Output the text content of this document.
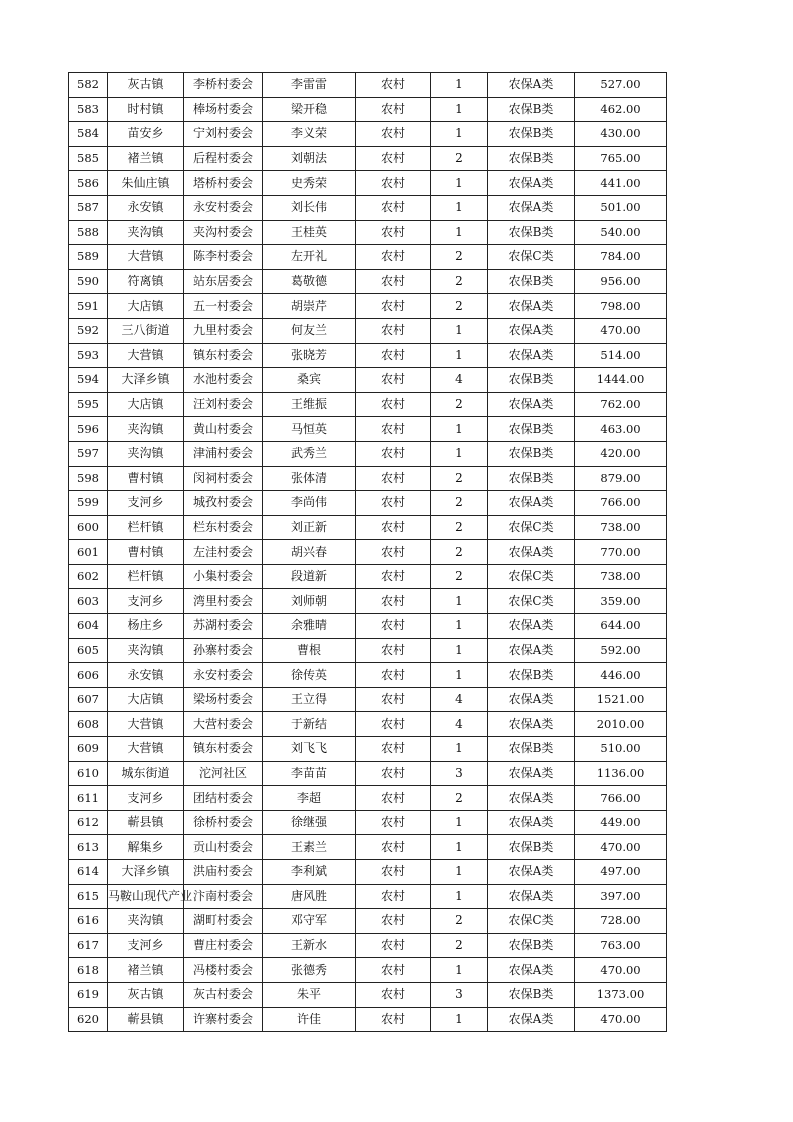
582	灰古镇	李桥村委会	李雷雷	农村	1	农保A类	527.00
583	时村镇	棒场村委会	梁开稳	农村	1	农保B类	462.00
584	苗安乡	宁刘村委会	李义荣	农村	1	农保B类	430.00
585	褚兰镇	后程村委会	刘朝法	农村	2	农保B类	765.00
586	朱仙庄镇	塔桥村委会	史秀荣	农村	1	农保A类	441.00
587	永安镇	永安村委会	刘长伟	农村	1	农保A类	501.00
588	夹沟镇	夹沟村委会	王桂英	农村	1	农保B类	540.00
589	大营镇	陈李村委会	左开礼	农村	2	农保C类	784.00
590	符离镇	站东居委会	葛敬德	农村	2	农保B类	956.00
591	大店镇	五一村委会	胡崇芹	农村	2	农保A类	798.00
592	三八街道	九里村委会	何友兰	农村	1	农保A类	470.00
593	大营镇	镇东村委会	张晓芳	农村	1	农保A类	514.00
594	大泽乡镇	水池村委会	桑宾	农村	4	农保B类	1444.00
595	大店镇	汪刘村委会	王维振	农村	2	农保A类	762.00
596	夹沟镇	黄山村委会	马恒英	农村	1	农保B类	463.00
597	夹沟镇	津浦村委会	武秀兰	农村	1	农保B类	420.00
598	曹村镇	闵祠村委会	张体清	农村	2	农保B类	879.00
599	支河乡	城孜村委会	李尚伟	农村	2	农保A类	766.00
600	栏杆镇	栏东村委会	刘正新	农村	2	农保C类	738.00
601	曹村镇	左洼村委会	胡兴春	农村	2	农保A类	770.00
602	栏杆镇	小集村委会	段道新	农村	2	农保C类	738.00
603	支河乡	湾里村委会	刘师朝	农村	1	农保C类	359.00
604	杨庄乡	苏湖村委会	余雅晴	农村	1	农保A类	644.00
605	夹沟镇	孙寨村委会	曹根	农村	1	农保A类	592.00
606	永安镇	永安村委会	徐传英	农村	1	农保B类	446.00
607	大店镇	梁场村委会	王立得	农村	4	农保A类	1521.00
608	大营镇	大营村委会	于新结	农村	4	农保A类	2010.00
609	大营镇	镇东村委会	刘飞飞	农村	1	农保B类	510.00
610	城东街道	沱河社区	李苗苗	农村	3	农保A类	1136.00
611	支河乡	团结村委会	李超	农村	2	农保A类	766.00
612	蕲县镇	徐桥村委会	徐继强	农村	1	农保A类	449.00
613	解集乡	贡山村委会	王素兰	农村	1	农保B类	470.00
614	大泽乡镇	洪庙村委会	李利斌	农村	1	农保A类	497.00
615	马鞍山现代产业	汴南村委会	唐风胜	农村	1	农保A类	397.00
616	夹沟镇	湖町村委会	邓守军	农村	2	农保C类	728.00
617	支河乡	曹庄村委会	王新水	农村	2	农保B类	763.00
618	褚兰镇	冯楼村委会	张德秀	农村	1	农保A类	470.00
619	灰古镇	灰古村委会	朱平	农村	3	农保B类	1373.00
620	蕲县镇	许寨村委会	许佳	农村	1	农保A类	470.00
